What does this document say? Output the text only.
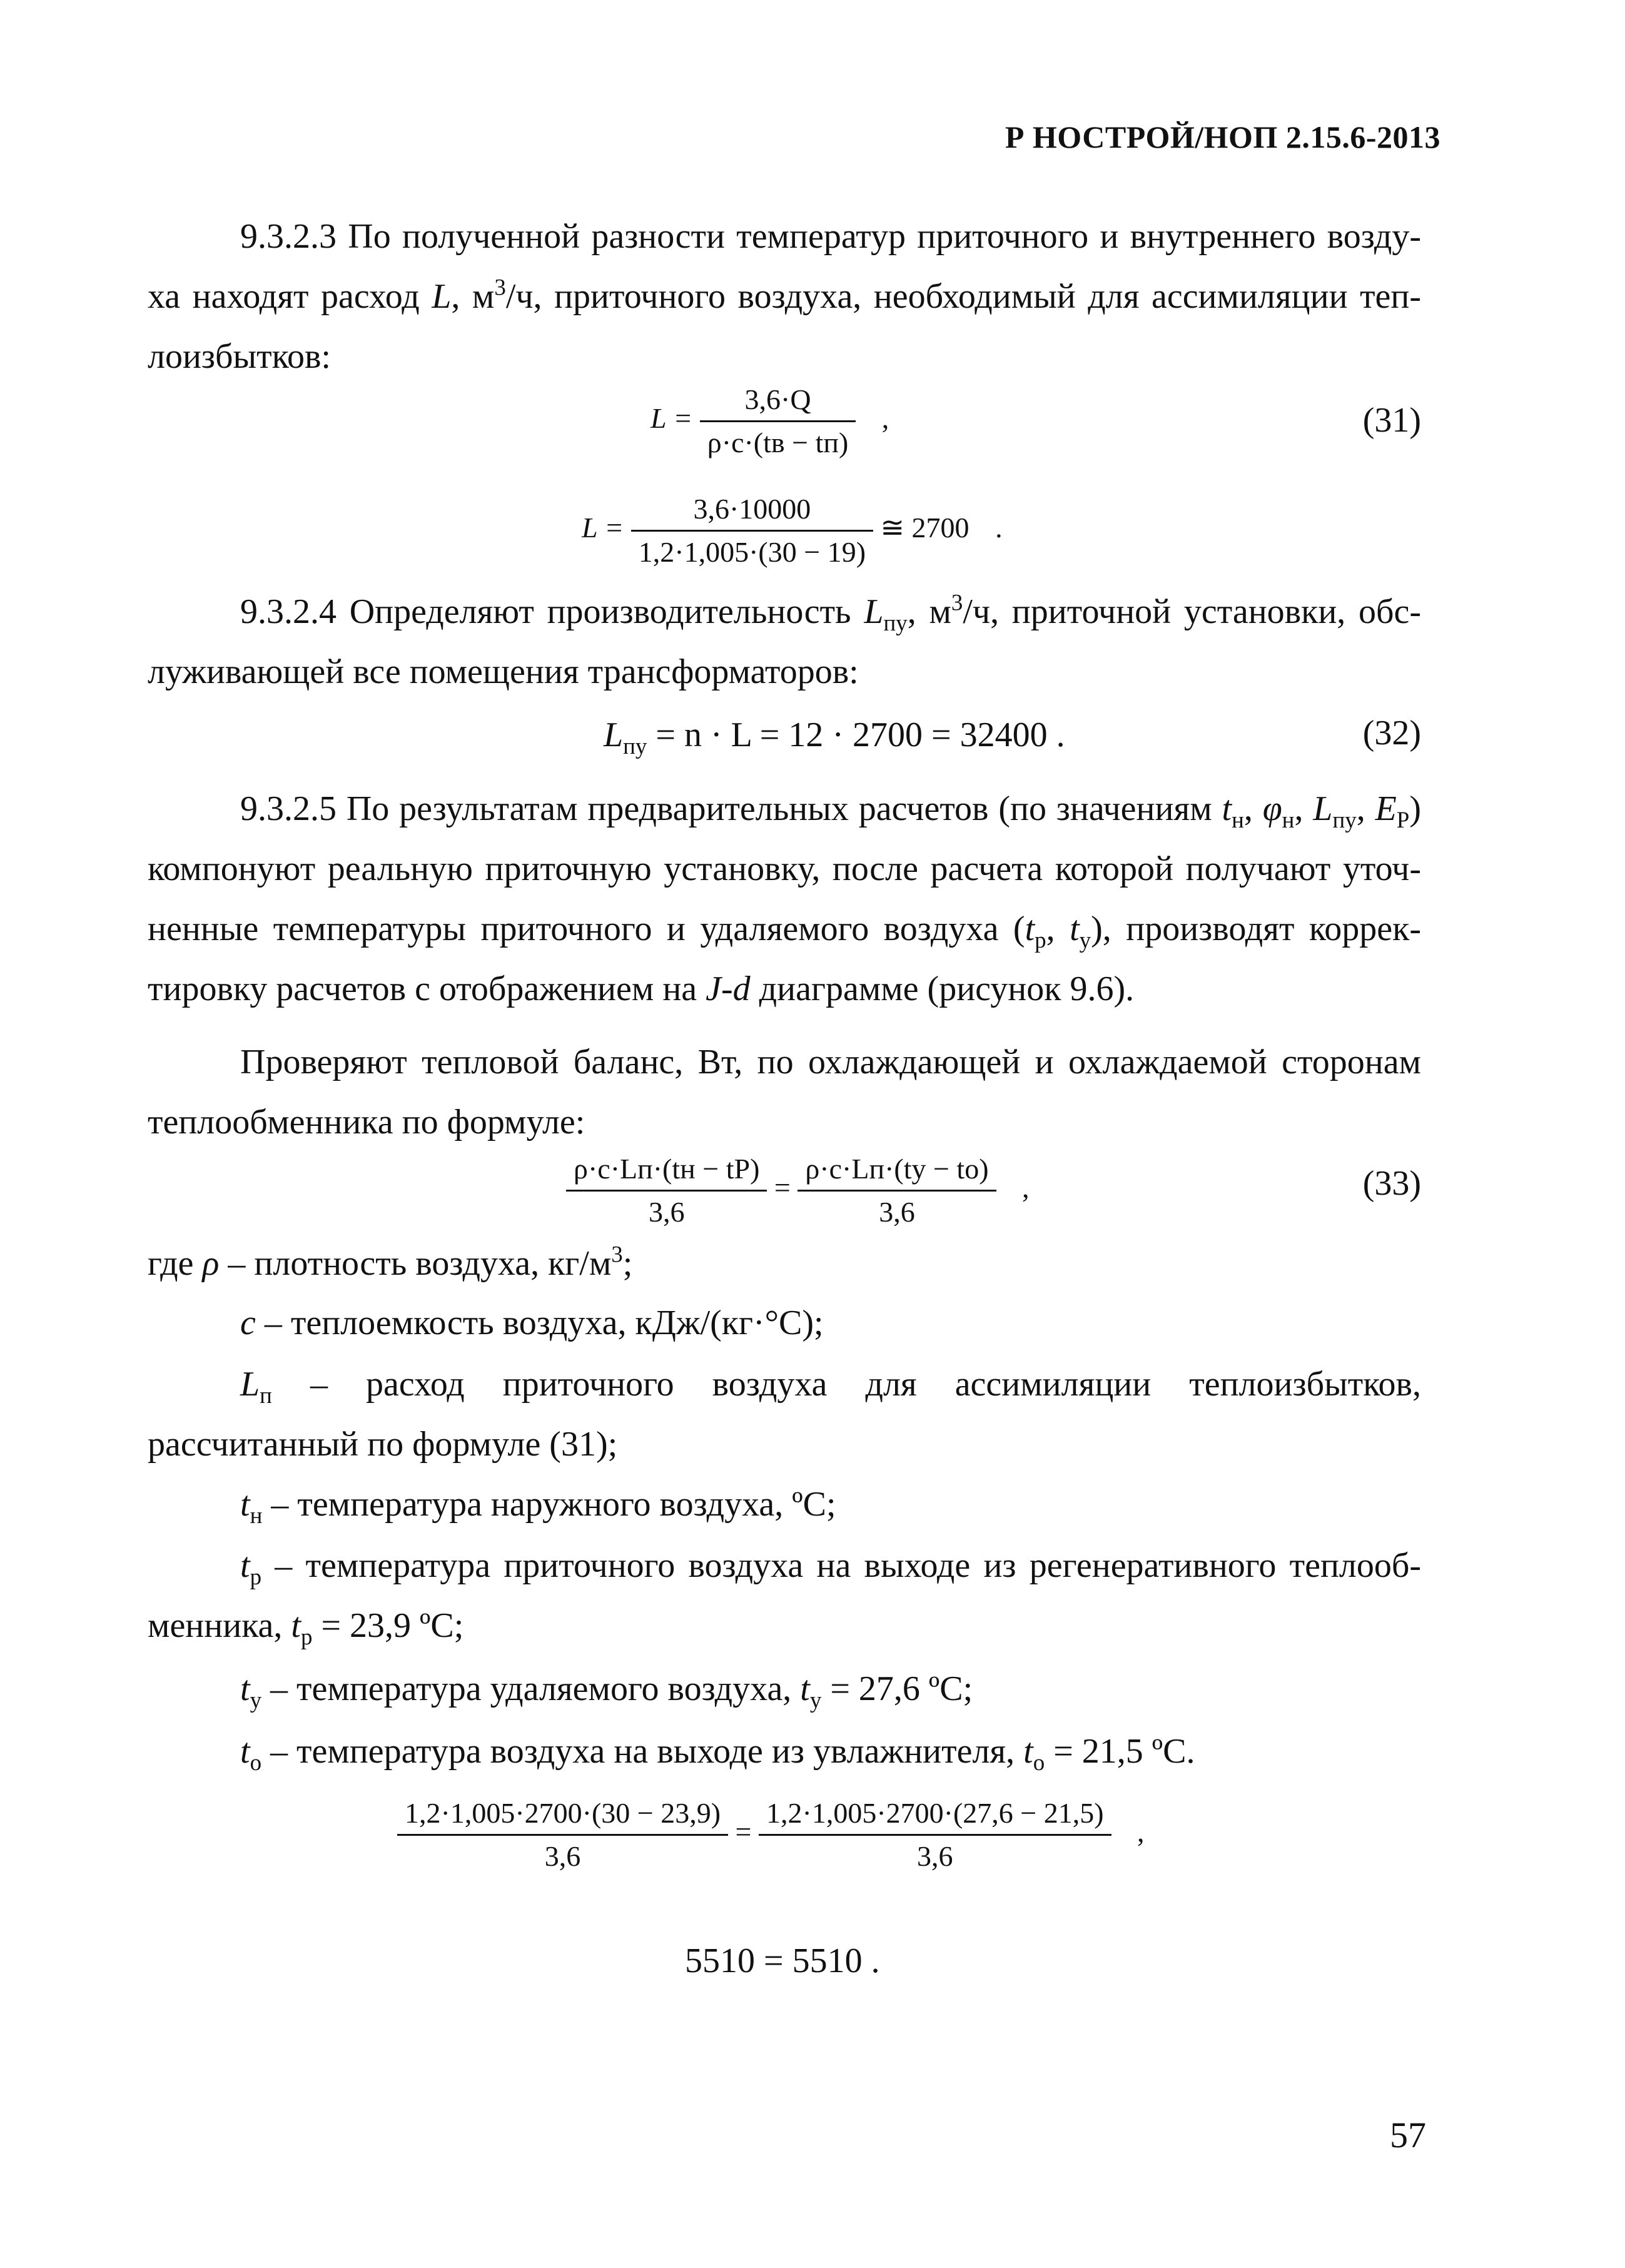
Р НОСТРОЙ/НОП 2.15.6-2013
9.3.2.3 По полученной разности температур приточного и внутреннего возду-ха находят расход L, $м^3/ч$, приточного воздуха, необходимый для ассимиляции теп-лоизбытков:
$L = \frac{3,6\cdot Q}{\rho\cdot c\cdot(tв - tп)}$ ,	(31)
$L = \frac{3,6\cdot 10000}{1,2\cdot 1,005\cdot(30 - 19)}$ ≅ 2700 .
9.3.2.4 Определяют производительность $L_{пу}$, $м^3/ч$, приточной установки, обс-луживающей все помещения трансформаторов:
$L_{пу} = n \cdot L = 12 \cdot 2700 = 32400$ .	(32)
9.3.2.5 По результатам предварительных расчетов (по значениям $t_н$, $\varphi_н$, $L_{пу}$, $E_P$) компонуют реальную приточную установку, после расчета которой получают уточ-ненные температуры приточного и удаляемого воздуха ($t_р$, $t_у$), производят коррек-тировку расчетов с отображением на J-d диаграмме (рисунок 9.6).
Проверяют тепловой баланс, Вт, по охлаждающей и охлаждаемой сторонам теплообменника по формуле:
$\frac{\rho\cdot c\cdot Lп\cdot(tн - tP)}{3,6} = \frac{\rho\cdot c\cdot Lп\cdot(tу - to)}{3,6}$ ,	(33)
где ρ – плотность воздуха, $кг/м^3$;
c – теплоемкость воздуха, кДж/(кг·°С);
$L_п$ – расход приточного воздуха для ассимиляции теплоизбытков, рассчитанный по формуле (31);
$t_н$ – температура наружного воздуха, ºС;
$t_р$ – температура приточного воздуха на выходе из регенеративного теплооб-менника, $t_р = 23,9$ ºС;
$t_у$ – температура удаляемого воздуха, $t_у = 27,6$ ºС;
$t_о$ – температура воздуха на выходе из увлажнителя, $t_о = 21,5$ ºС.
$\frac{1,2\cdot 1,005\cdot 2700\cdot(30 - 23,9)}{3,6} = \frac{1,2\cdot 1,005\cdot 2700\cdot(27,6 - 21,5)}{3,6}$ ,
5510 = 5510 .
57
